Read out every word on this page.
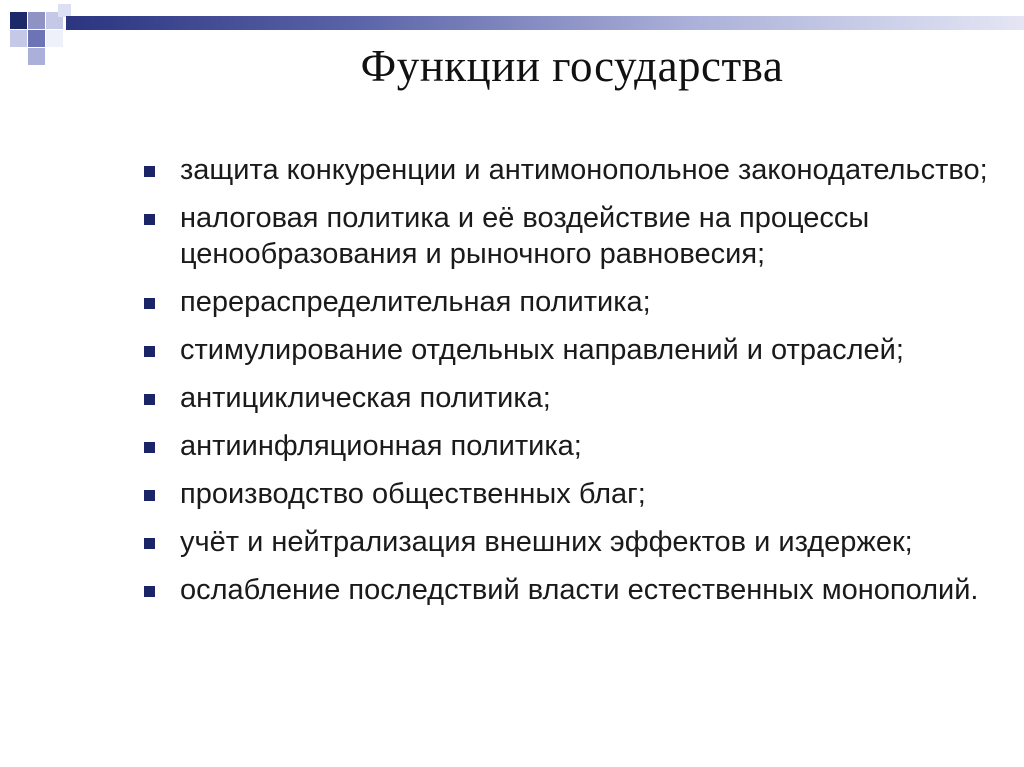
Функции государства
защита конкуренции и антимонопольное законодательство;
налоговая политика и её воздействие на процессы ценообразования и рыночного равновесия;
перераспределительная политика;
стимулирование отдельных направлений и отраслей;
антициклическая политика;
антиинфляционная политика;
производство общественных благ;
учёт и нейтрализация внешних эффектов и издержек;
ослабление последствий власти естественных монополий.
